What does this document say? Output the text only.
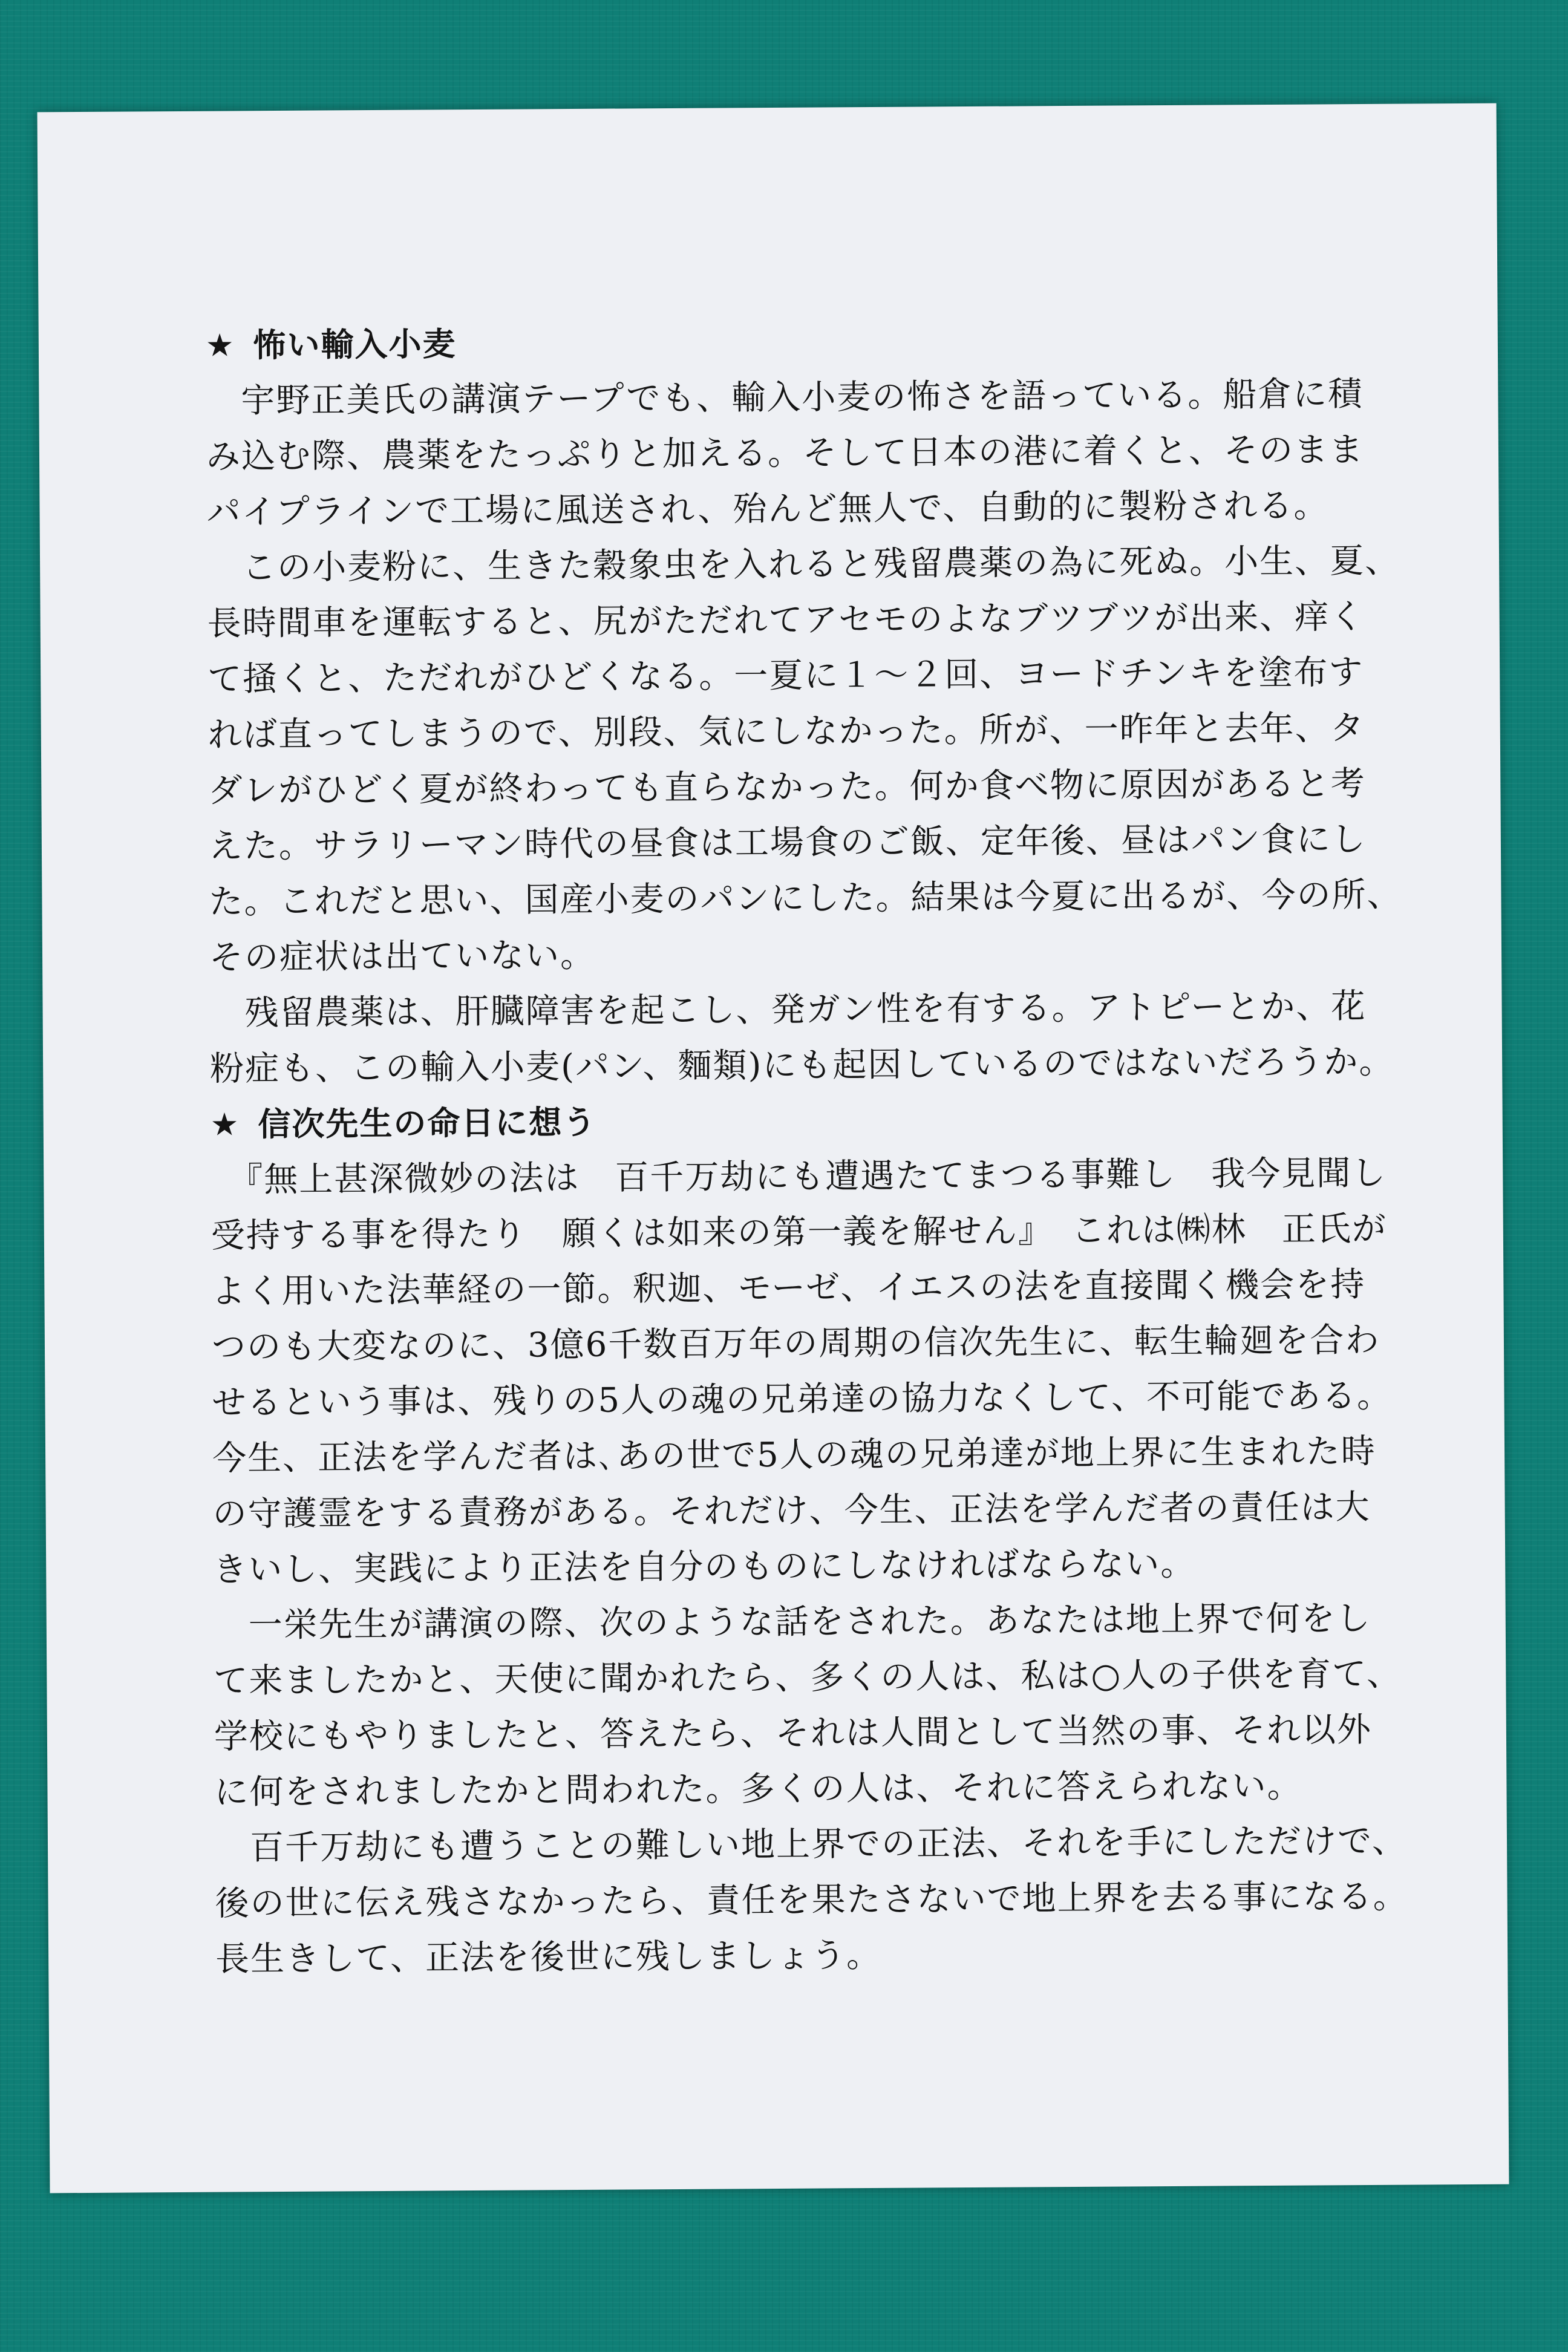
★ 怖い輸入小麦
　宇野正美氏の講演テープでも、輸入小麦の怖さを語っている。船倉に積
み込む際、農薬をたっぷりと加える。そして日本の港に着くと、そのまま
パイプラインで工場に風送され、殆んど無人で、自動的に製粉される。
　この小麦粉に、生きた穀象虫を入れると残留農薬の為に死ぬ。小生、夏、
長時間車を運転すると、尻がただれてアセモのよなブツブツが出来、痒く
て掻くと、ただれがひどくなる。一夏に１～２回、ヨードチンキを塗布す
れば直ってしまうので、別段、気にしなかった。所が、一昨年と去年、タ
ダレがひどく夏が終わっても直らなかった。何か食べ物に原因があると考
えた。サラリーマン時代の昼食は工場食のご飯、定年後、昼はパン食にし
た。これだと思い、国産小麦のパンにした。結果は今夏に出るが、今の所、
その症状は出ていない。
　残留農薬は、肝臓障害を起こし、発ガン性を有する。アトピーとか、花
粉症も、この輸入小麦(パン、麵類)にも起因しているのではないだろうか。
★ 信次先生の命日に想う
　『無上甚深微妙の法は　百千万劫にも遭遇たてまつる事難し　我今見聞し
受持する事を得たり　願くは如来の第一義を解せん』　これは㈱林　正氏が
よく用いた法華経の一節。釈迦、モーゼ、イエスの法を直接聞く機会を持
つのも大変なのに、3億6千数百万年の周期の信次先生に、転生輪廻を合わ
せるという事は、残りの5人の魂の兄弟達の協力なくして、不可能である。
今生、正法を学んだ者は､あの世で5人の魂の兄弟達が地上界に生まれた時
の守護霊をする責務がある。それだけ、今生、正法を学んだ者の責任は大
きいし、実践により正法を自分のものにしなければならない。
　一栄先生が講演の際、次のような話をされた。あなたは地上界で何をし
て来ましたかと、天使に聞かれたら、多くの人は、私は○人の子供を育て、
学校にもやりましたと、答えたら、それは人間として当然の事、それ以外
に何をされましたかと問われた。多くの人は、それに答えられない。
　百千万劫にも遭うことの難しい地上界での正法、それを手にしただけで、
後の世に伝え残さなかったら、責任を果たさないで地上界を去る事になる。
長生きして、正法を後世に残しましょう。
